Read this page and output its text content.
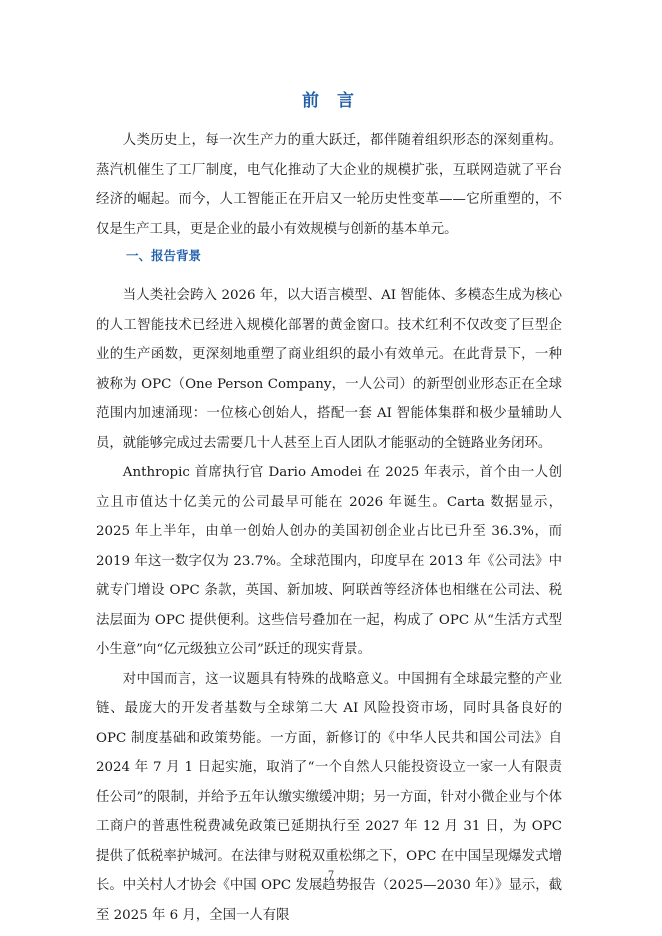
前 言

人类历史上，每一次生产力的重大跃迁，都伴随着组织形态的深刻重构。蒸汽机催生了工厂制度，电气化推动了大企业的规模扩张，互联网造就了平台经济的崛起。而今，人工智能正在开启又一轮历史性变革——它所重塑的，不仅是生产工具，更是企业的最小有效规模与创新的基本单元。

一、报告背景

当人类社会跨入 2026 年，以大语言模型、AI 智能体、多模态生成为核心的人工智能技术已经进入规模化部署的黄金窗口。技术红利不仅改变了巨型企业的生产函数，更深刻地重塑了商业组织的最小有效单元。在此背景下，一种被称为 OPC（One Person Company，一人公司）的新型创业形态正在全球范围内加速涌现：一位核心创始人，搭配一套 AI 智能体集群和极少量辅助人员，就能够完成过去需要几十人甚至上百人团队才能驱动的全链路业务闭环。

Anthropic 首席执行官 Dario Amodei 在 2025 年表示，首个由一人创立且市值达十亿美元的公司最早可能在 2026 年诞生。Carta 数据显示，2025 年上半年，由单一创始人创办的美国初创企业占比已升至 36.3%，而 2019 年这一数字仅为 23.7%。全球范围内，印度早在 2013 年《公司法》中就专门增设 OPC 条款，英国、新加坡、阿联酋等经济体也相继在公司法、税法层面为 OPC 提供便利。这些信号叠加在一起，构成了 OPC 从“生活方式型小生意”向“亿元级独立公司”跃迁的现实背景。

对中国而言，这一议题具有特殊的战略意义。中国拥有全球最完整的产业链、最庞大的开发者基数与全球第二大 AI 风险投资市场，同时具备良好的 OPC 制度基础和政策势能。一方面，新修订的《中华人民共和国公司法》自 2024 年 7 月 1 日起实施，取消了“一个自然人只能投资设立一家一人有限责任公司”的限制，并给予五年认缴实缴缓冲期；另一方面，针对小微企业与个体工商户的普惠性税费减免政策已延期执行至 2027 年 12 月 31 日，为 OPC 提供了低税率护城河。在法律与财税双重松绑之下，OPC 在中国呈现爆发式增长。中关村人才协会《中国 OPC 发展趋势报告（2025—2030 年）》显示，截至 2025 年 6 月，全国一人有限

7
